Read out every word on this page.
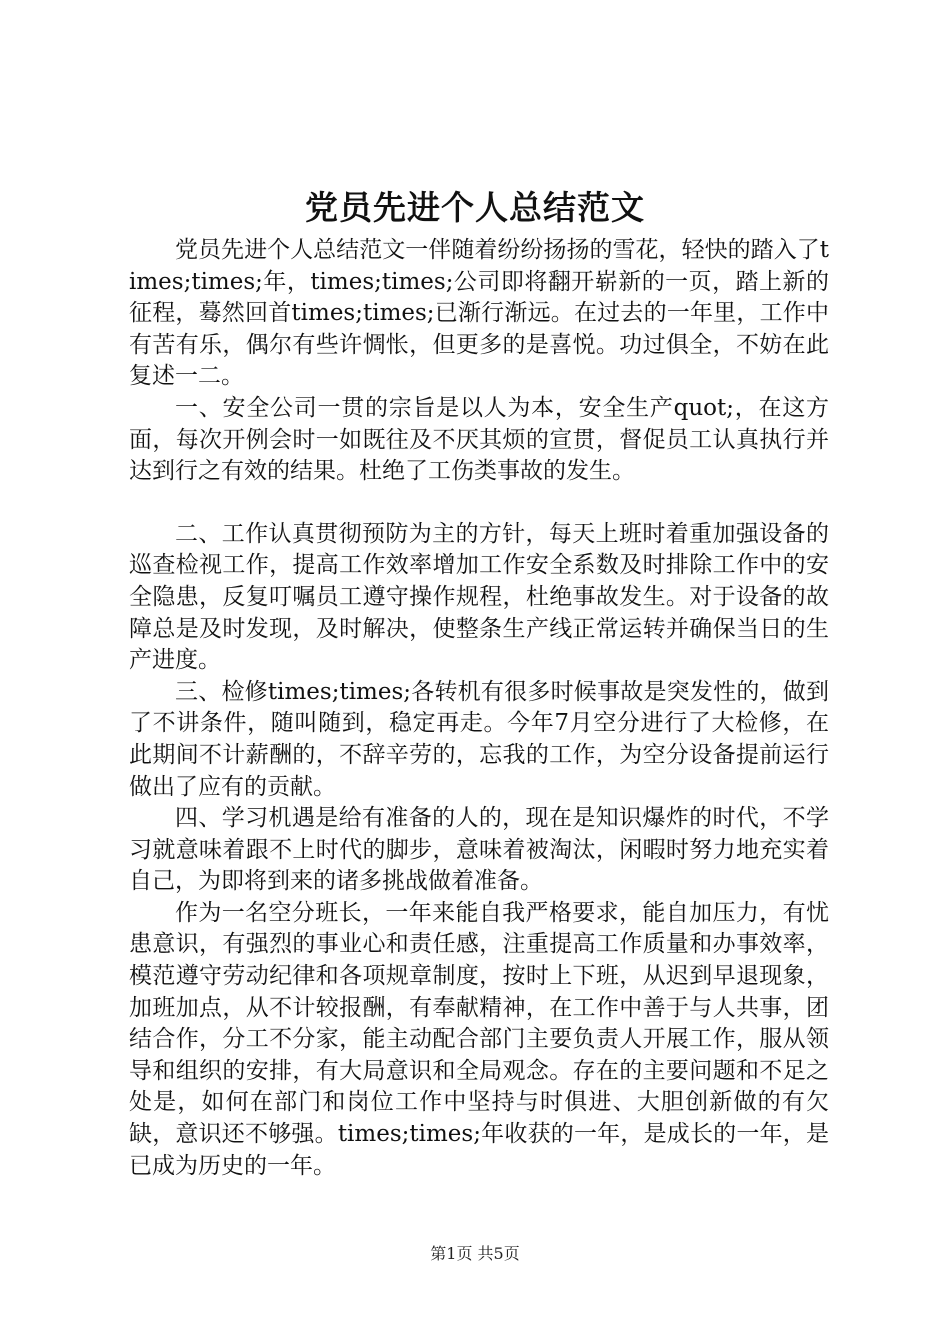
党员先进个人总结范文

党员先进个人总结范文一伴随着纷纷扬扬的雪花，轻快的踏入了times;times;年，times;times;公司即将翻开崭新的一页，踏上新的征程，蓦然回首times;times;已渐行渐远。在过去的一年里，工作中有苦有乐，偶尔有些许惆怅，但更多的是喜悦。功过俱全，不妨在此复述一二。

一、安全公司一贯的宗旨是以人为本，安全生产quot;，在这方面，每次开例会时一如既往及不厌其烦的宣贯，督促员工认真执行并达到行之有效的结果。杜绝了工伤类事故的发生。

二、工作认真贯彻预防为主的方针，每天上班时着重加强设备的巡查检视工作，提高工作效率增加工作安全系数及时排除工作中的安全隐患，反复叮嘱员工遵守操作规程，杜绝事故发生。对于设备的故障总是及时发现，及时解决，使整条生产线正常运转并确保当日的生产进度。

三、检修times;times;各转机有很多时候事故是突发性的，做到了不讲条件，随叫随到，稳定再走。今年7月空分进行了大检修，在此期间不计薪酬的，不辞辛劳的，忘我的工作，为空分设备提前运行做出了应有的贡献。

四、学习机遇是给有准备的人的，现在是知识爆炸的时代，不学习就意味着跟不上时代的脚步，意味着被淘汰，闲暇时努力地充实着自己，为即将到来的诸多挑战做着准备。

作为一名空分班长，一年来能自我严格要求，能自加压力，有忧患意识，有强烈的事业心和责任感，注重提高工作质量和办事效率，模范遵守劳动纪律和各项规章制度，按时上下班，从迟到早退现象，加班加点，从不计较报酬，有奉献精神，在工作中善于与人共事，团结合作，分工不分家，能主动配合部门主要负责人开展工作，服从领导和组织的安排，有大局意识和全局观念。存在的主要问题和不足之处是，如何在部门和岗位工作中坚持与时俱进、大胆创新做的有欠缺，意识还不够强。times;times;年收获的一年，是成长的一年，是已成为历史的一年。

第1页 共5页
